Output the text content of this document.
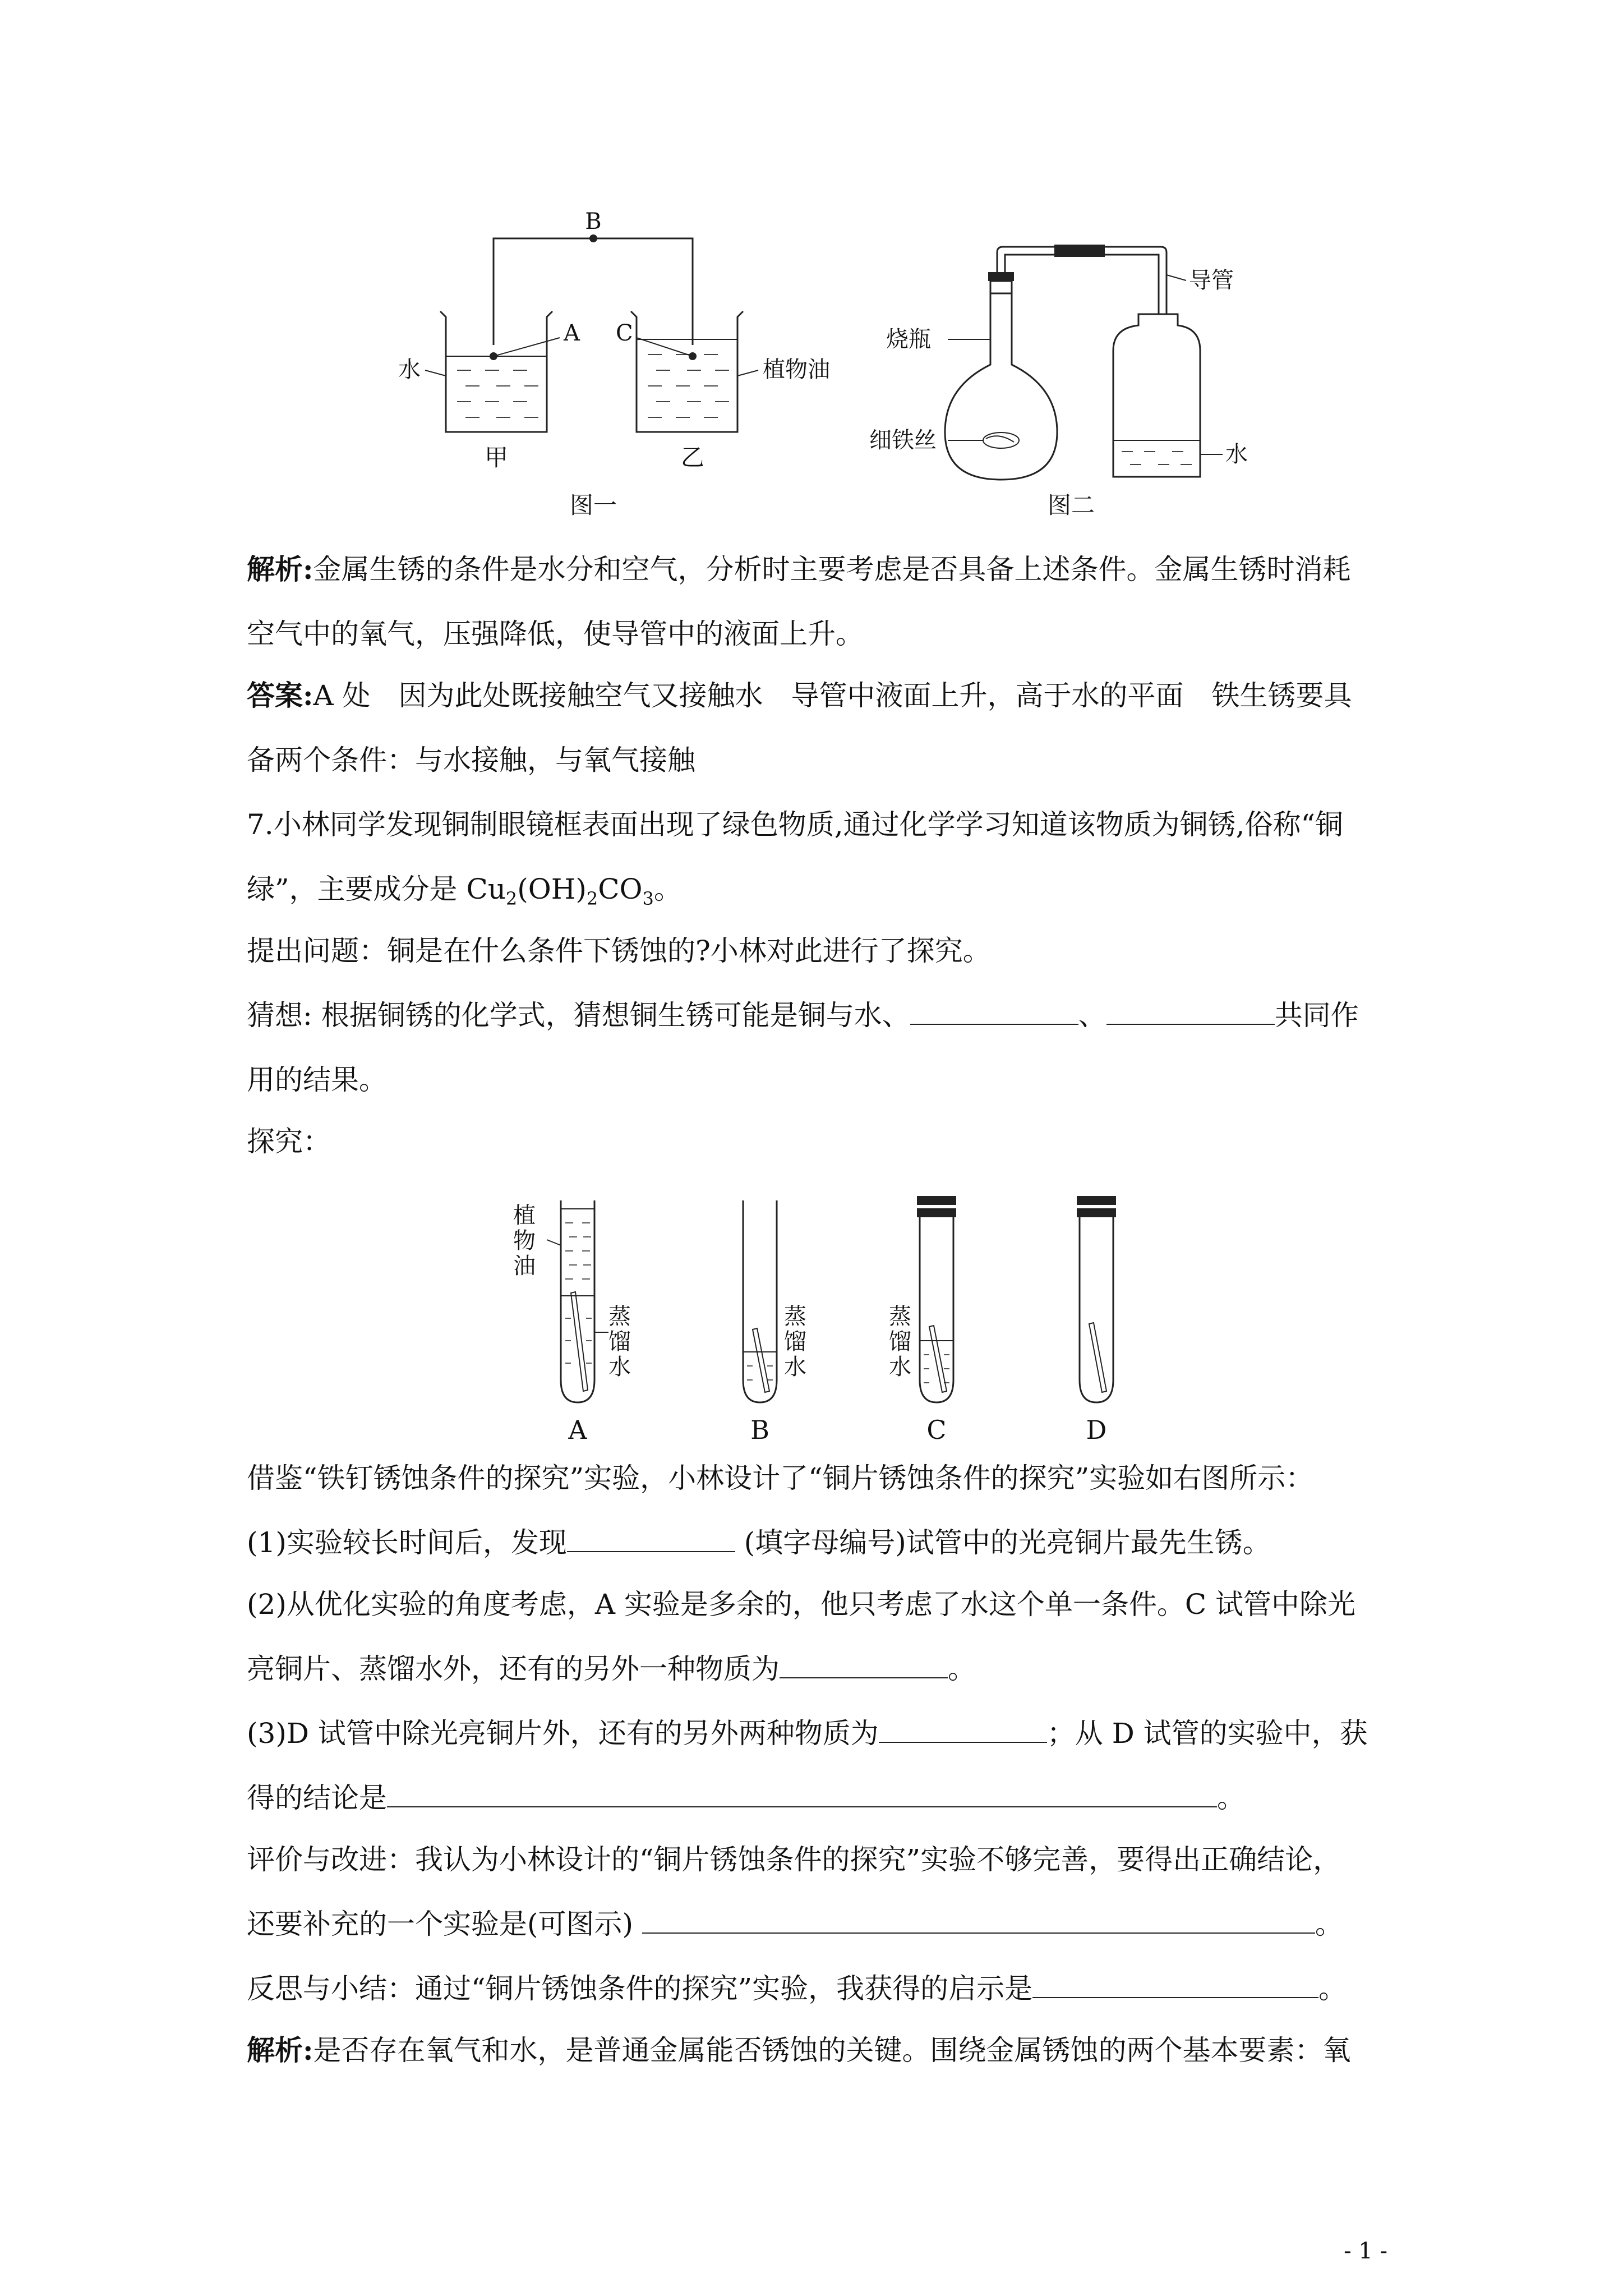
B
A
水
甲
C
植物油
乙
图一
导管
烧瓶
细铁丝
水
图二
解析:金属生锈的条件是水分和空气，分析时主要考虑是否具备上述条件。金属生锈时消耗
空气中的氧气，压强降低，使导管中的液面上升。
答案:A 处　因为此处既接触空气又接触水　导管中液面上升，高于水的平面　铁生锈要具
备两个条件：与水接触，与氧气接触
7.小林同学发现铜制眼镜框表面出现了绿色物质,通过化学学习知道该物质为铜锈,俗称“铜
绿”，主要成分是 $Cu_2(OH)_2CO_3$。
提出问题：铜是在什么条件下锈蚀的?小林对此进行了探究。
猜想: 根据铜锈的化学式，猜想铜生锈可能是铜与水、	、	共同作
用的结果。
探究：
植
物
油
蒸
馏
水
A
蒸
馏
水
B
蒸
馏
水
C	D
借鉴“铁钉锈蚀条件的探究”实验，小林设计了“铜片锈蚀条件的探究”实验如右图所示：
(1)实验较长时间后，发现	(填字母编号)试管中的光亮铜片最先生锈。
(2)从优化实验的角度考虑，A 实验是多余的，他只考虑了水这个单一条件。C 试管中除光
亮铜片、蒸馏水外，还有的另外一种物质为	。
(3)D 试管中除光亮铜片外，还有的另外两种物质为	；从 D 试管的实验中，获
得的结论是	。
评价与改进：我认为小林设计的“铜片锈蚀条件的探究”实验不够完善，要得出正确结论，
还要补充的一个实验是(可图示)	。
反思与小结：通过“铜片锈蚀条件的探究”实验，我获得的启示是	。
解析:是否存在氧气和水，是普通金属能否锈蚀的关键。围绕金属锈蚀的两个基本要素：氧
- 1 -
